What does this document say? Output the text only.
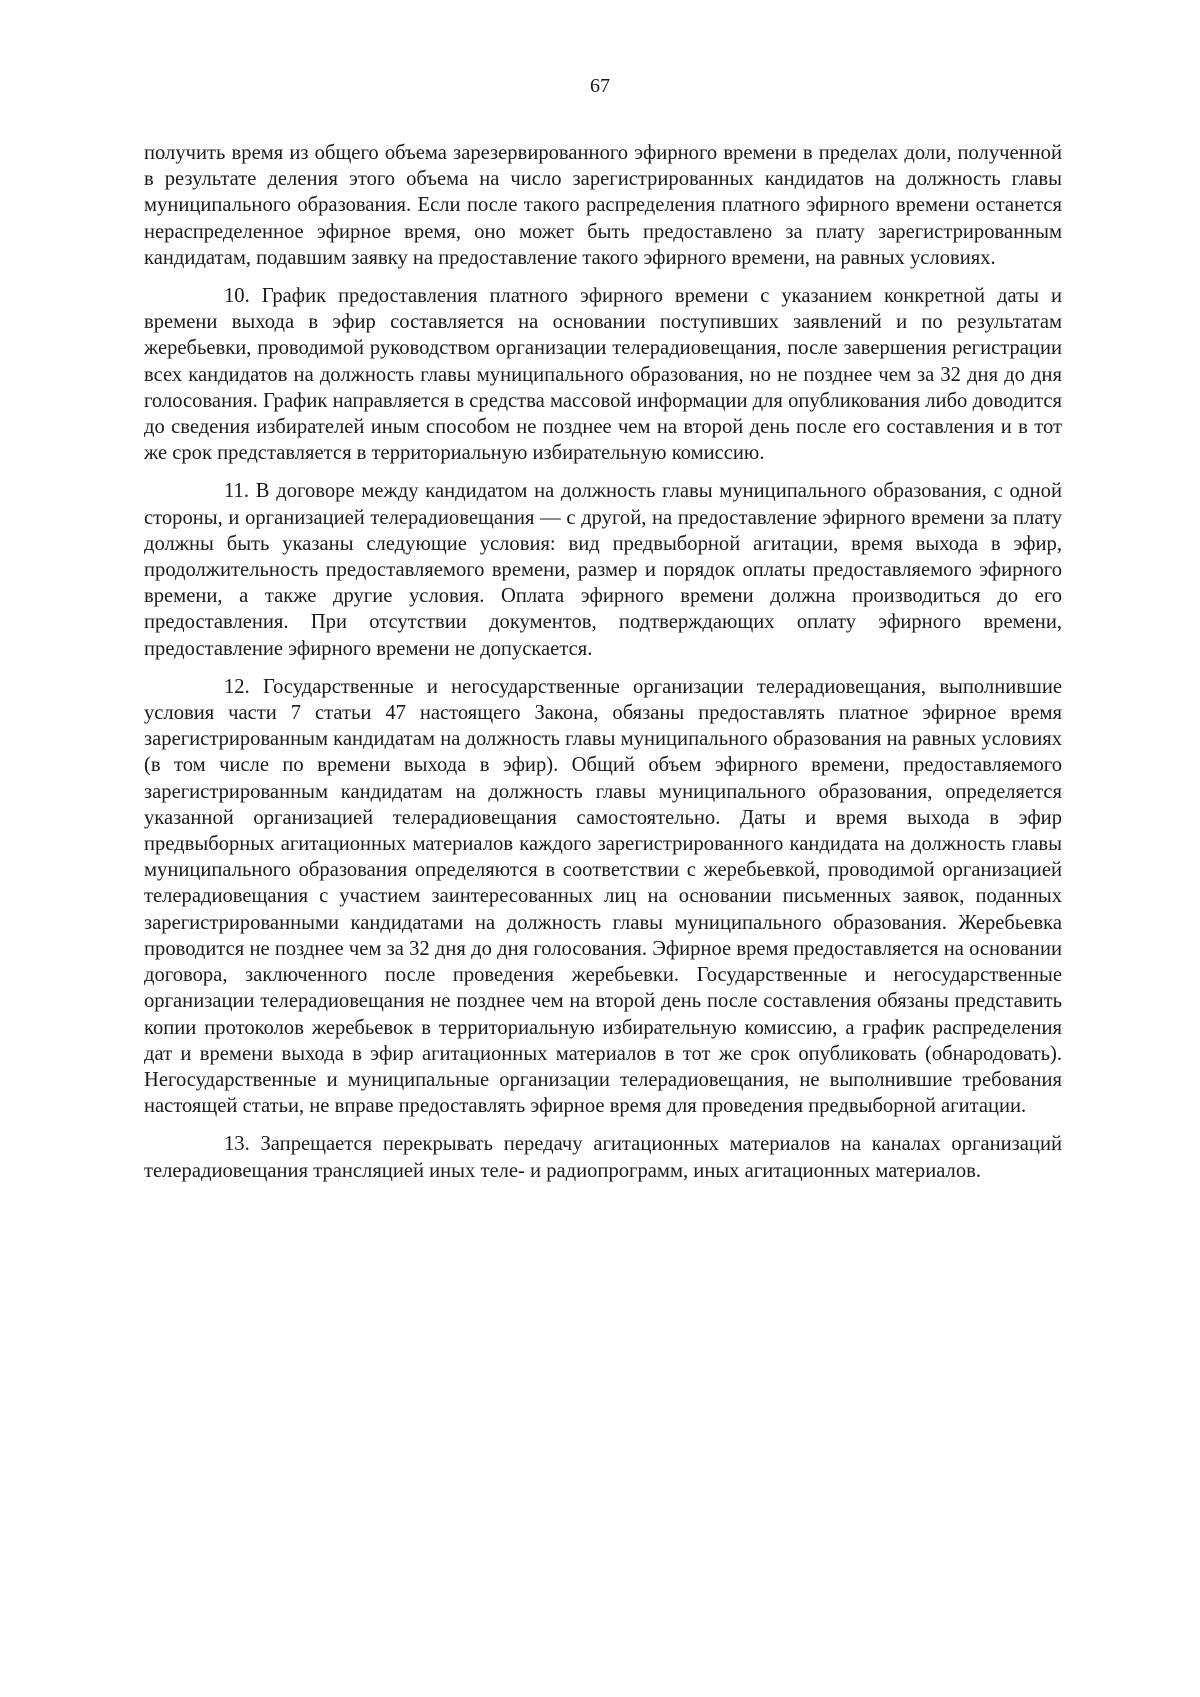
67

получить время из общего объема зарезервированного эфирного времени в пределах доли, полученной в результате деления этого объема на число зарегистрированных кандидатов на должность главы муниципального образования. Если после такого распределения платного эфирного времени останется нераспределенное эфирное время, оно может быть предоставлено за плату зарегистрированным кандидатам, подавшим заявку на предоставление такого эфирного времени, на равных условиях.

10. График предоставления платного эфирного времени с указанием конкретной даты и времени выхода в эфир составляется на основании поступивших заявлений и по результатам жеребьевки, проводимой руководством организации телерадиовещания, после завершения регистрации всех кандидатов на должность главы муниципального образования, но не позднее чем за 32 дня до дня голосования. График направляется в средства массовой информации для опубликования либо доводится до сведения избирателей иным способом не позднее чем на второй день после его составления и в тот же срок представляется в территориальную избирательную комиссию.

11. В договоре между кандидатом на должность главы муниципального образования, с одной стороны, и организацией телерадиовещания — с другой, на предоставление эфирного времени за плату должны быть указаны следующие условия: вид предвыборной агитации, время выхода в эфир, продолжительность предоставляемого времени, размер и порядок оплаты предоставляемого эфирного времени, а также другие условия. Оплата эфирного времени должна производиться до его предоставления. При отсутствии документов, подтверждающих оплату эфирного времени, предоставление эфирного времени не допускается.

12. Государственные и негосударственные организации телерадиовещания, выполнившие условия части 7 статьи 47 настоящего Закона, обязаны предоставлять платное эфирное время зарегистрированным кандидатам на должность главы муниципального образования на равных условиях (в том числе по времени выхода в эфир). Общий объем эфирного времени, предоставляемого зарегистрированным кандидатам на должность главы муниципального образования, определяется указанной организацией телерадиовещания самостоятельно. Даты и время выхода в эфир предвыборных агитационных материалов каждого зарегистрированного кандидата на должность главы муниципального образования определяются в соответствии с жеребьевкой, проводимой организацией телерадиовещания с участием заинтересованных лиц на основании письменных заявок, поданных зарегистрированными кандидатами на должность главы муниципального образования. Жеребьевка проводится не позднее чем за 32 дня до дня голосования. Эфирное время предоставляется на основании договора, заключенного после проведения жеребьевки. Государственные и негосударственные организации телерадиовещания не позднее чем на второй день после составления обязаны представить копии протоколов жеребьевок в территориальную избирательную комиссию, а график распределения дат и времени выхода в эфир агитационных материалов в тот же срок опубликовать (обнародовать). Негосударственные и муниципальные организации телерадиовещания, не выполнившие требования настоящей статьи, не вправе предоставлять эфирное время для проведения предвыборной агитации.

13. Запрещается перекрывать передачу агитационных материалов на каналах организаций телерадиовещания трансляцией иных теле- и радиопрограмм, иных агитационных материалов.
